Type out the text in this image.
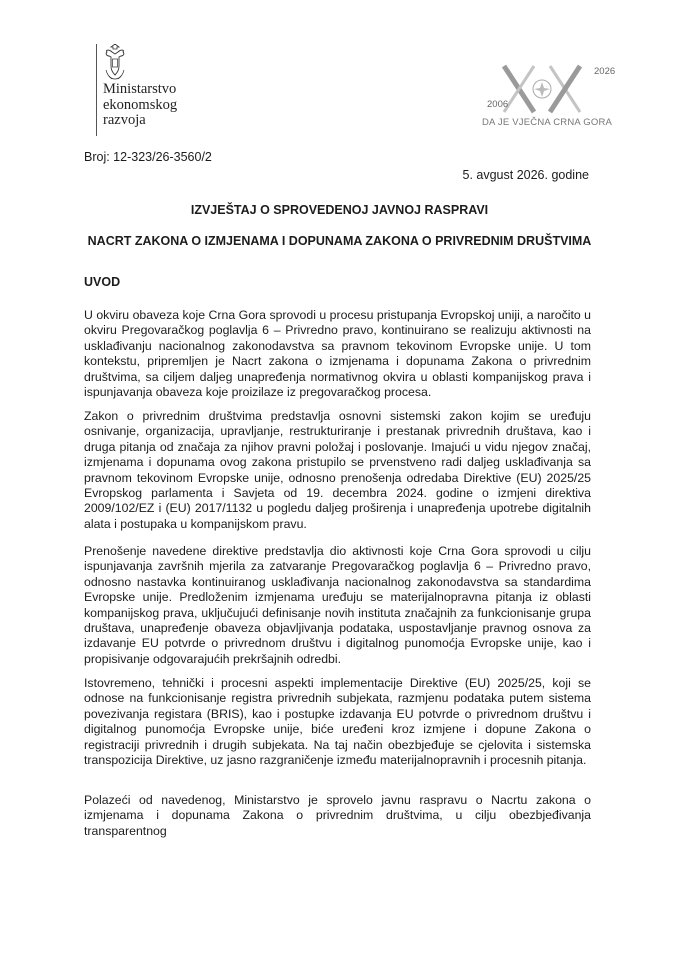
Ministarstvo
ekonomskog
razvoja
2006
2026
DA JE VJEČNA CRNA GORA
Broj: 12-323/26-3560/2
5. avgust 2026. godine
IZVJEŠTAJ O SPROVEDENOJ JAVNOJ RASPRAVI
NACRT ZAKONA O IZMJENAMA I DOPUNAMA ZAKONA O PRIVREDNIM DRUŠTVIMA
UVOD
U okviru obaveza koje Crna Gora sprovodi u procesu pristupanja Evropskoj uniji, a naročito u okviru Pregovaračkog poglavlja 6 – Privredno pravo, kontinuirano se realizuju aktivnosti na usklađivanju nacionalnog zakonodavstva sa pravnom tekovinom Evropske unije. U tom kontekstu, pripremljen je Nacrt zakona o izmjenama i dopunama Zakona o privrednim društvima, sa ciljem daljeg unapređenja normativnog okvira u oblasti kompanijskog prava i ispunjavanja obaveza koje proizilaze iz pregovaračkog procesa.
Zakon o privrednim društvima predstavlja osnovni sistemski zakon kojim se uređuju osnivanje, organizacija, upravljanje, restrukturiranje i prestanak privrednih društava, kao i druga pitanja od značaja za njihov pravni položaj i poslovanje. Imajući u vidu njegov značaj, izmjenama i dopunama ovog zakona pristupilo se prvenstveno radi daljeg usklađivanja sa pravnom tekovinom Evropske unije, odnosno prenošenja odredaba Direktive (EU) 2025/25 Evropskog parlamenta i Savjeta od 19. decembra 2024. godine o izmjeni direktiva 2009/102/EZ i (EU) 2017/1132 u pogledu daljeg proširenja i unapređenja upotrebe digitalnih alata i postupaka u kompanijskom pravu.
Prenošenje navedene direktive predstavlja dio aktivnosti koje Crna Gora sprovodi u cilju ispunjavanja završnih mjerila za zatvaranje Pregovaračkog poglavlja 6 – Privredno pravo, odnosno nastavka kontinuiranog usklađivanja nacionalnog zakonodavstva sa standardima Evropske unije. Predloženim izmjenama uređuju se materijalnopravna pitanja iz oblasti kompanijskog prava, uključujući definisanje novih instituta značajnih za funkcionisanje grupa društava, unapređenje obaveza objavljivanja podataka, uspostavljanje pravnog osnova za izdavanje EU potvrde o privrednom društvu i digitalnog punomoćja Evropske unije, kao i propisivanje odgovarajućih prekršajnih odredbi.
Istovremeno, tehnički i procesni aspekti implementacije Direktive (EU) 2025/25, koji se odnose na funkcionisanje registra privrednih subjekata, razmjenu podataka putem sistema povezivanja registara (BRIS), kao i postupke izdavanja EU potvrde o privrednom društvu i digitalnog punomoćja Evropske unije, biće uređeni kroz izmjene i dopune Zakona o registraciji privrednih i drugih subjekata. Na taj način obezbjeđuje se cjelovita i sistemska transpozicija Direktive, uz jasno razgraničenje između materijalnopravnih i procesnih pitanja.
Polazeći od navedenog, Ministarstvo je sprovelo javnu raspravu o Nacrtu zakona o izmjenama i dopunama Zakona o privrednim društvima, u cilju obezbjeđivanja transparentnog
